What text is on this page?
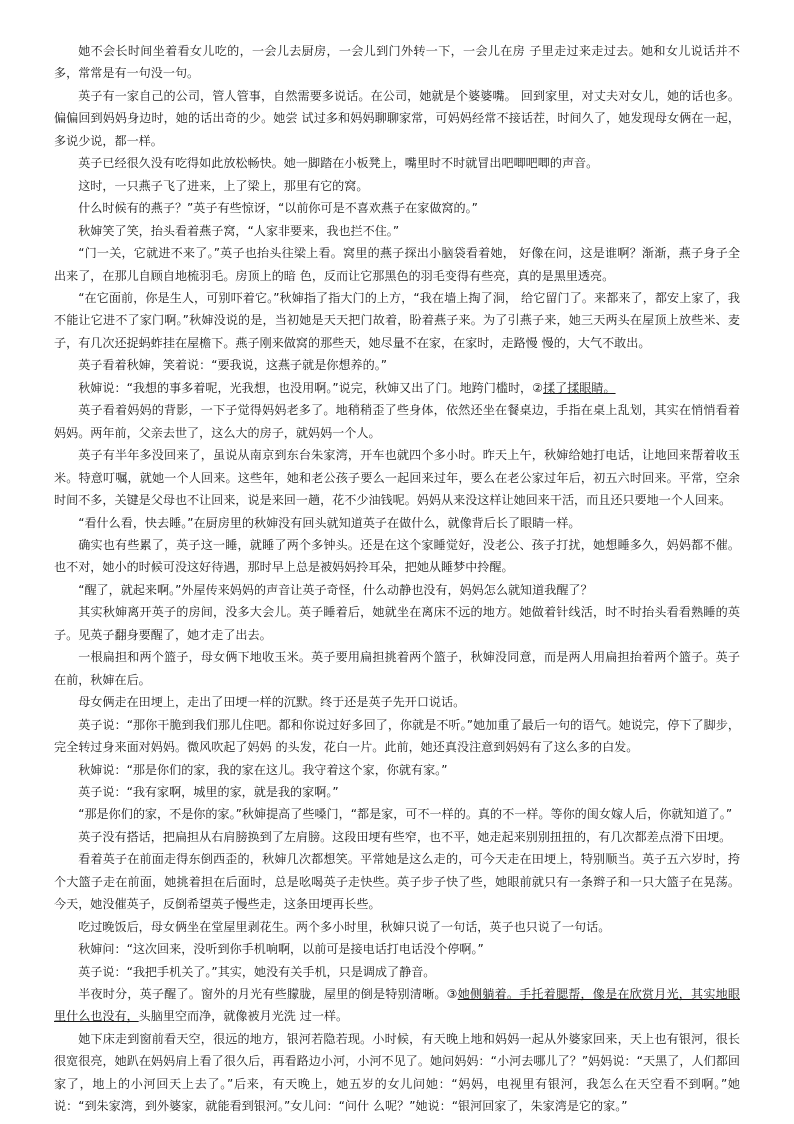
她不会长时间坐着看女儿吃的，一会儿去厨房，一会儿到门外转一下，一会儿在房 子里走过来走过去。她和女儿说话并不多，常常是有一句没一句。

英子有一家自己的公司，管人管事，自然需要多说话。在公司，她就是个婆婆嘴。 回到家里，对丈夫对女儿，她的话也多。偏偏回到妈妈身边时，她的话出奇的少。她尝 试过多和妈妈聊聊家常，可妈妈经常不接话茬，时间久了，她发现母女俩在一起，多说少说，都一样。

英子已经很久没有吃得如此放松畅快。她一脚踏在小板凳上，嘴里时不时就冒出吧唧吧唧的声音。

这时，一只燕子飞了进来，上了梁上，那里有它的窝。

什么时候有的燕子？”英子有些惊讶，“以前你可是不喜欢燕子在家做窝的。”

秋婶笑了笑，抬头看着燕子窝，“人家非要来，我也拦不住。”

“门一关，它就进不来了。”英子也抬头往梁上看。窝里的燕子探出小脑袋看着她， 好像在问，这是谁啊？渐渐，燕子身子全出来了，在那儿自顾自地梳羽毛。房顶上的暗 色，反而让它那黑色的羽毛变得有些亮，真的是黑里透亮。

“在它面前，你是生人，可别吓着它。”秋婶指了指大门的上方，“我在墙上掏了洞， 给它留门了。来都来了，都安上家了，我不能让它进不了家门啊。”秋婶没说的是，当初她是天天把门故着，盼着燕子来。为了引燕子来，她三天两头在屋顶上放些米、麦子，有几次还捉蚂蚱挂在屋檐下。燕子刚来做窝的那些天，她尽量不在家，在家时，走路慢 慢的，大气不敢出。

英子看着秋婶，笑着说：“要我说，这燕子就是你想养的。”

秋婶说：“我想的事多着呢，光我想，也没用啊。”说完，秋婶又出了门。地跨门槛时，②揉了揉眼睛。

英子看着妈妈的背影，一下子觉得妈妈老多了。地稍稍歪了些身体，依然还坐在餐桌边，手指在桌上乱划，其实在悄悄看着妈妈。两年前，父亲去世了，这么大的房子，就妈妈一个人。

英子有半年多没回来了，虽说从南京到东台朱家湾，开车也就四个多小时。昨天上午，秋婶给她打电话，让地回来帮着收玉米。特意叮嘱，就她一个人回来。这些年，她和老公孩子要么一起回来过年，要么在老公家过年后，初五六时回来。平常，空余时间不多，关键是父母也不让回来，说是来回一趟，花不少油钱呢。妈妈从来没这样让她回来干活，而且还只要地一个人回来。

“看什么看，快去睡。”在厨房里的秋婶没有回头就知道英子在做什么，就像背后长了眼睛一样。

确实也有些累了，英子这一睡，就睡了两个多钟头。还是在这个家睡觉好，没老公、孩子打扰，她想睡多久，妈妈都不催。也不对，她小的时候可没这好待遇，那时早上总是被妈妈拎耳朵，把她从睡梦中拎醒。

“醒了，就起来啊。”外屋传来妈妈的声音让英子奇怪，什么动静也没有，妈妈怎么就知道我醒了？

其实秋婶离开英子的房间，没多大会儿。英子睡着后，她就坐在离床不远的地方。她做着针线活，时不时抬头看看熟睡的英子。见英子翻身要醒了，她才走了出去。

一根扁担和两个篮子，母女俩下地收玉米。英子要用扁担挑着两个篮子，秋婶没同意，而是两人用扁担抬着两个篮子。英子在前，秋婶在后。

母女俩走在田埂上，走出了田埂一样的沉默。终于还是英子先开口说话。

英子说：“那你干脆到我们那儿住吧。都和你说过好多回了，你就是不听。”她加重了最后一句的语气。她说完，停下了脚步，完全转过身来面对妈妈。微风吹起了妈妈 的头发，花白一片。此前，她还真没注意到妈妈有了这么多的白发。

秋婶说：“那是你们的家，我的家在这儿。我守着这个家，你就有家。”

英子说：“我有家啊，城里的家，就是我的家啊。”

“那是你们的家，不是你的家。”秋婶提高了些嗓门，“都是家，可不一样的。真的不一样。等你的闺女嫁人后，你就知道了。”

英子没有搭话，把扁担从右肩膀换到了左肩膀。这段田埂有些窄，也不平，她走起来别别扭扭的，有几次都差点滑下田埂。

看着英子在前面走得东倒西歪的，秋婶几次都想笑。平常她是这么走的，可今天走在田埂上，特别顺当。英子五六岁时，挎个大篮子走在前面，她挑着担在后面时，总是吆喝英子走快些。英子步子快了些，她眼前就只有一条辫子和一只大篮子在晃荡。 今天，她没催英子，反倒希望英子慢些走，这条田埂再长些。

吃过晚饭后，母女俩坐在堂屋里剥花生。两个多小时里，秋婶只说了一句话，英子也只说了一句话。

秋婶问：“这次回来，没听到你手机响啊，以前可是接电话打电话没个停啊。”

英子说：“我把手机关了。”其实，她没有关手机，只是调成了静音。

半夜时分，英子醒了。窗外的月光有些朦胧，屋里的倒是特别清晰。③她侧躺着。手托着腮帮，像是在欣赏月光，其实地眼里什么也没有，头脑里空而净，就像被月光洗 过一样。

她下床走到窗前看天空，很远的地方，银河若隐若现。小时候，有天晚上地和妈妈一起从外婆家回来，天上也有银河，很长很宽很亮，她趴在妈妈肩上看了很久后，再看路边小河，小河不见了。她问妈妈：“小河去哪儿了？”妈妈说：“天黑了，人们都回家了，地上的小河回天上去了。”后来，有天晚上，她五岁的女儿问她：“妈妈，电视里有银河，我怎么在天空看不到啊。”她说：“到朱家湾，到外婆家，就能看到银河。”女儿问：“问什 么呢？”她说：“银河回家了，朱家湾是它的家。”
